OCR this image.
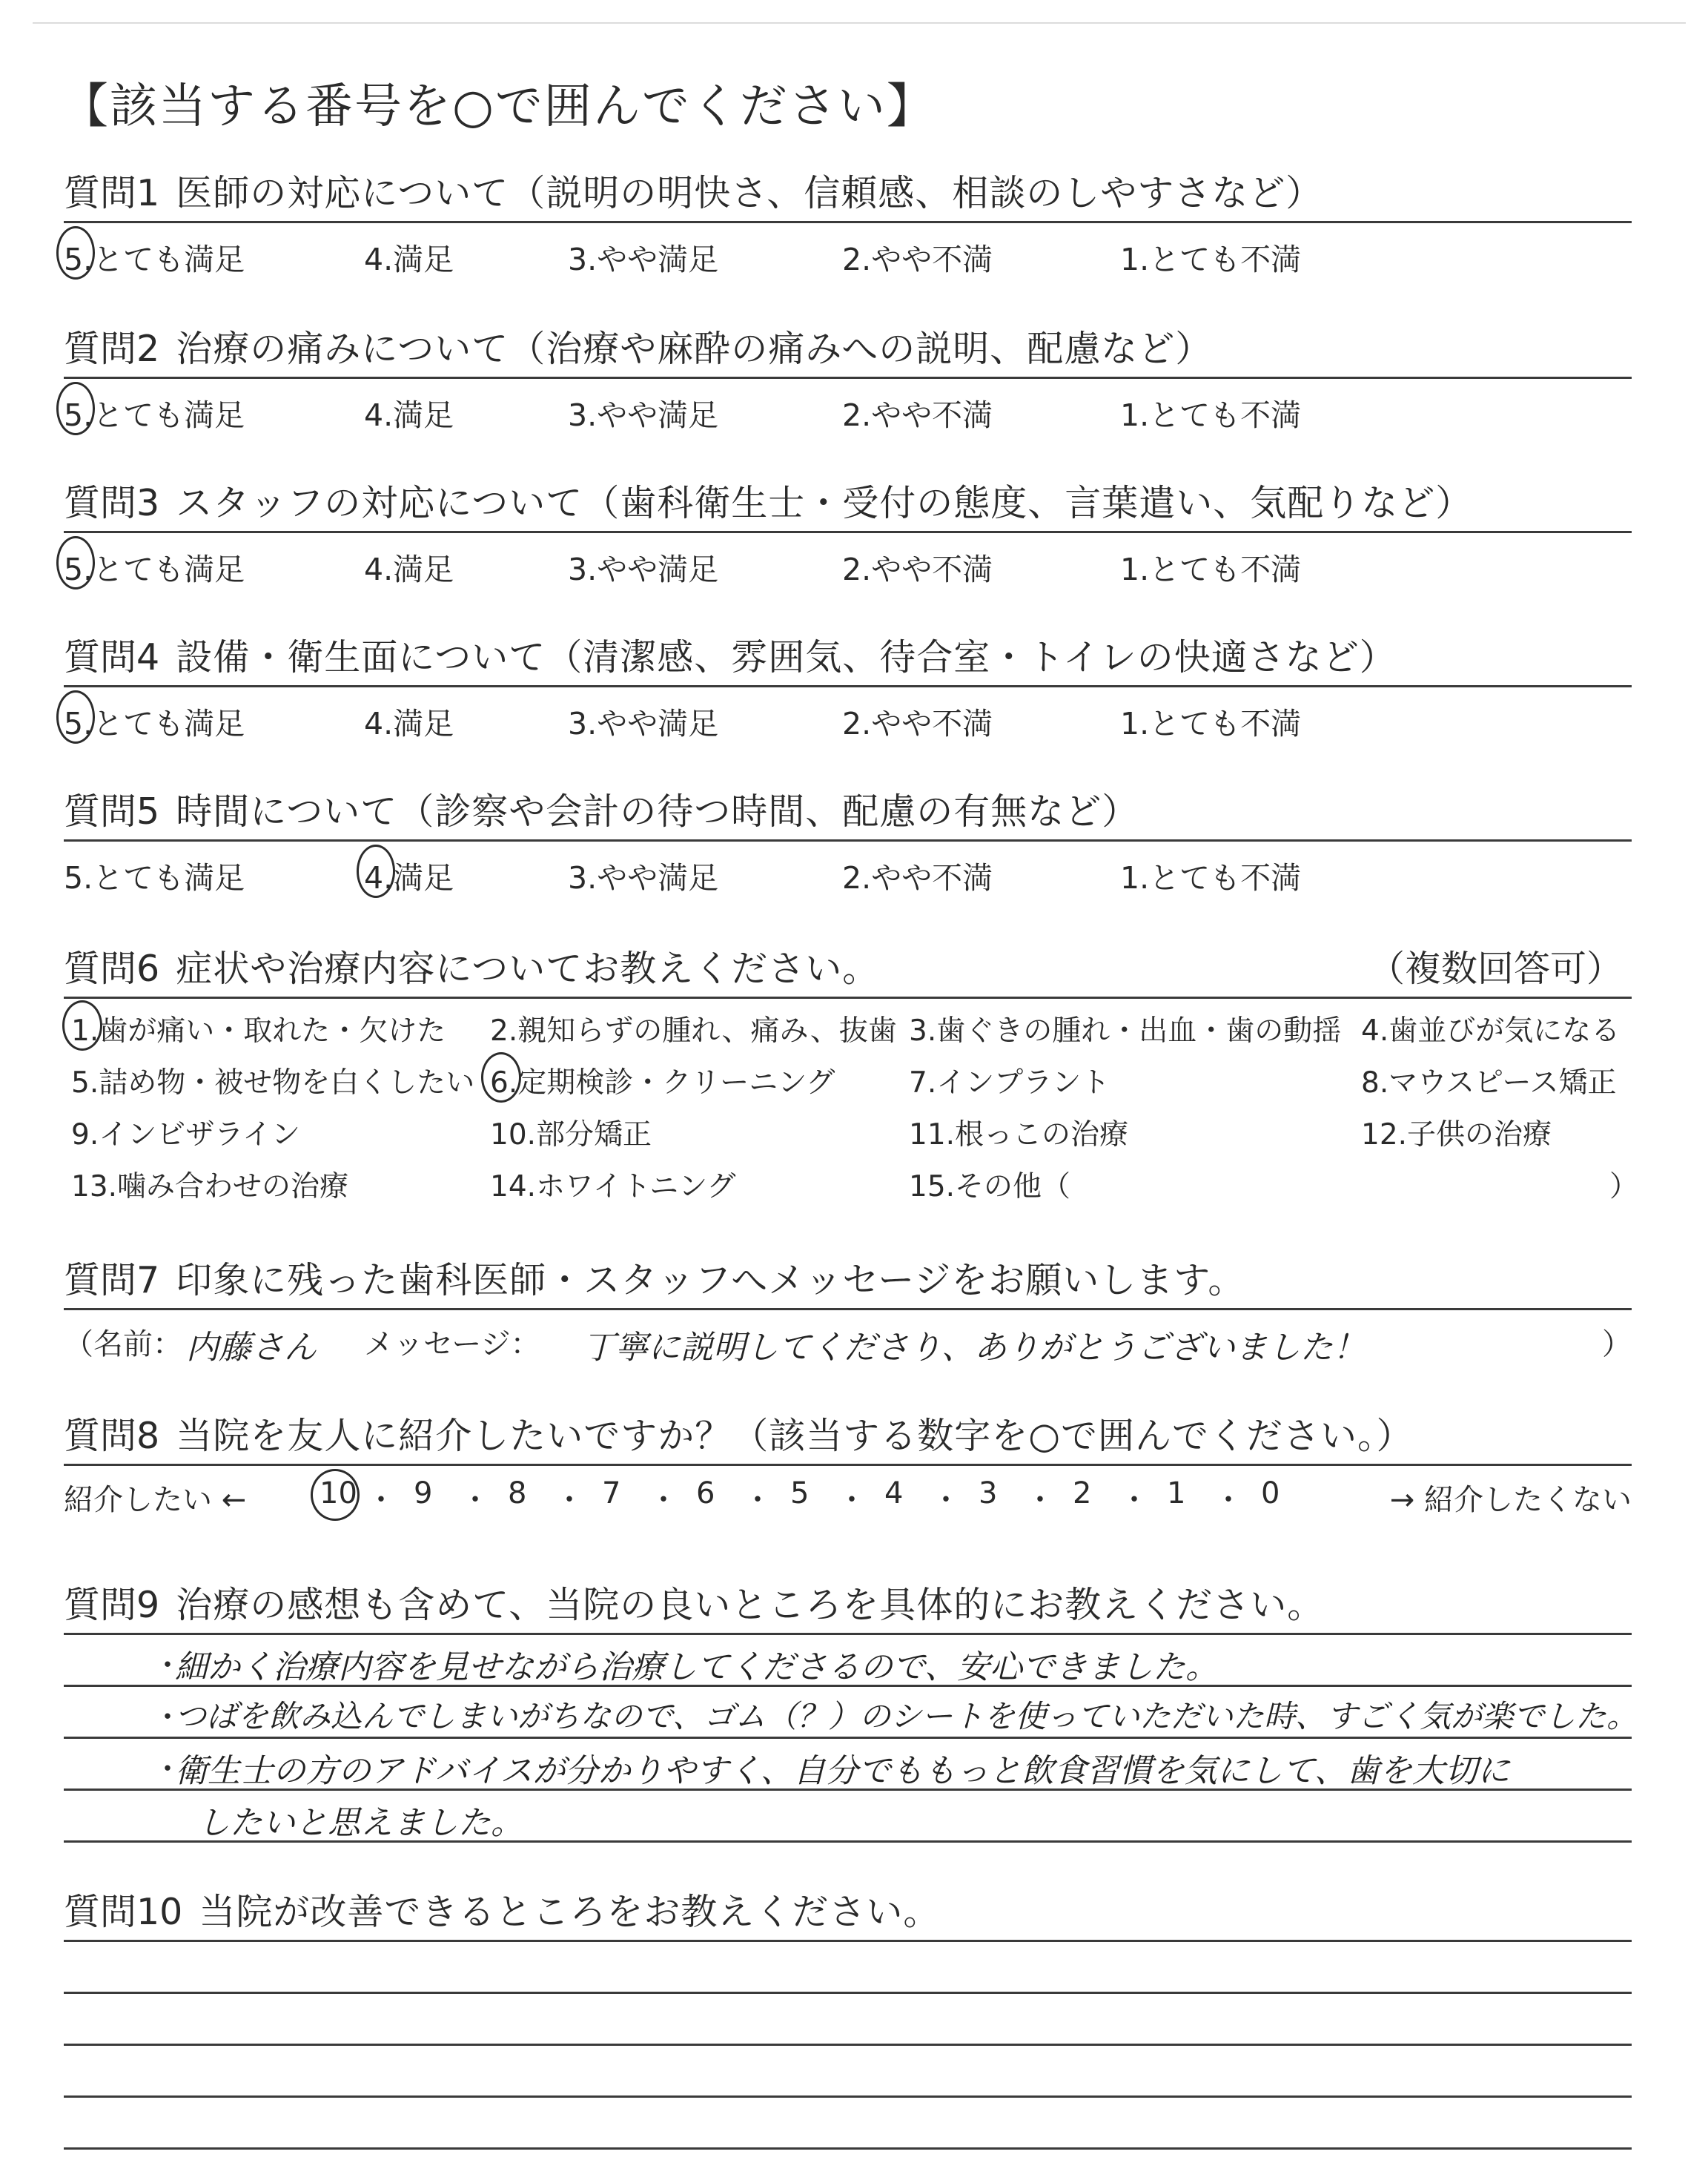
【該当する番号を○で囲んでください】
質問1 医師の対応について（説明の明快さ、信頼感、相談のしやすさなど）
5.とても満足	4.満足	3.やや満足	2.やや不満	1.とても不満
質問2 治療の痛みについて（治療や麻酔の痛みへの説明、配慮など）
5.とても満足	4.満足	3.やや満足	2.やや不満	1.とても不満
質問3 スタッフの対応について（歯科衛生士・受付の態度、言葉遣い、気配りなど）
5.とても満足	4.満足	3.やや満足	2.やや不満	1.とても不満
質問4 設備・衛生面について（清潔感、雰囲気、待合室・トイレの快適さなど）
5.とても満足	4.満足	3.やや満足	2.やや不満	1.とても不満
質問5 時間について（診察や会計の待つ時間、配慮の有無など）
5.とても満足	4.満足	3.やや満足	2.やや不満	1.とても不満
質問6 症状や治療内容についてお教えください。	（複数回答可）
1.歯が痛い・取れた・欠けた 2.親知らずの腫れ、痛み、抜歯 3.歯ぐきの腫れ・出血・歯の動揺 4.歯並びが気になる
5.詰め物・被せ物を白くしたい 6.定期検診・クリーニング	7.インプラント	8.マウスピース矯正
9.インビザライン	10.部分矯正	11.根っこの治療	12.子供の治療
13.噛み合わせの治療	14.ホワイトニング	15.その他（	）
質問7 印象に残った歯科医師・スタッフへメッセージをお願いします。
（名前： 内藤さん メッセージ： 丁寧に説明してくださり、ありがとうございました！	）
質問8 当院を友人に紹介したいですか？（該当する数字を○で囲んでください。）
紹介したい ←	→ 紹介したくない
10 ・ 9 ・ 8 ・ 7 ・ 6 ・ 5 ・ 4 ・ 3 ・ 2 ・ 1 ・ 0
質問9 治療の感想も含めて、当院の良いところを具体的にお教えください。
・
細かく治療内容を見せながら治療してくださるので、安心できました。
・
つばを飲み込んでしまいがちなので、ゴム（？）のシートを使っていただいた時、すごく気が楽でした。
・
衛生士の方のアドバイスが分かりやすく、自分でももっと飲食習慣を気にして、歯を大切に
したいと思えました。
質問10 当院が改善できるところをお教えください。
